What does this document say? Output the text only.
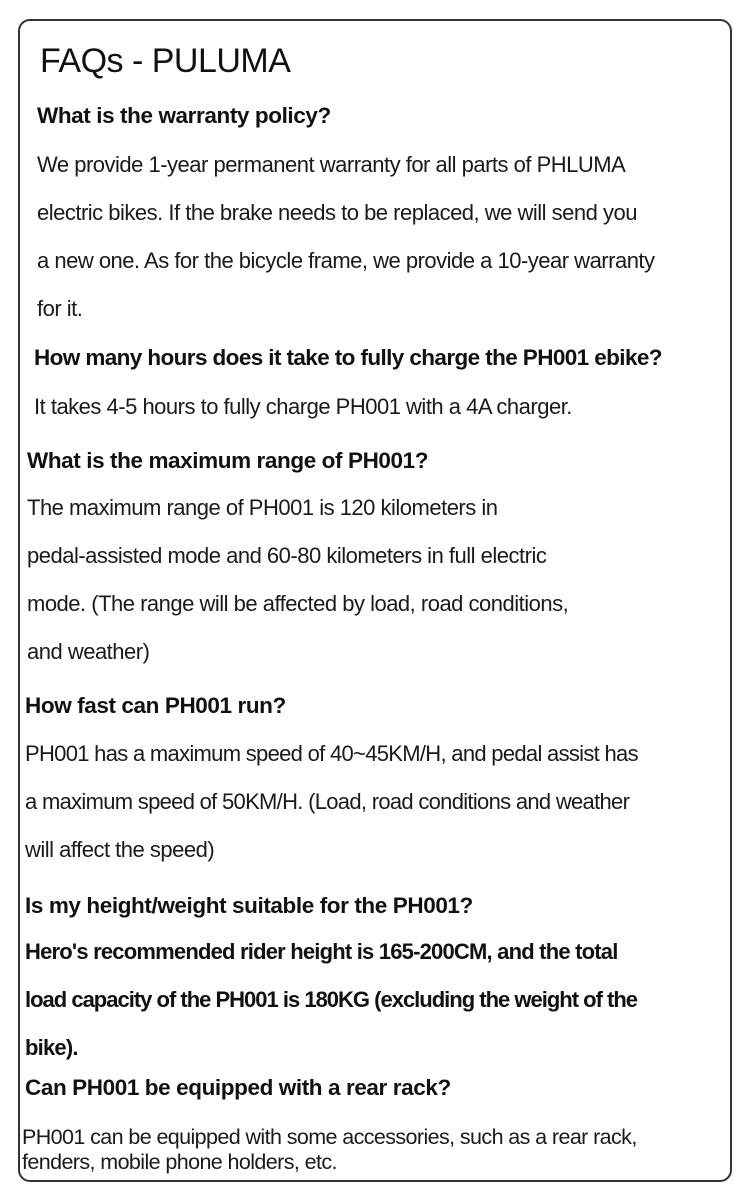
FAQs - PULUMA
What is the warranty policy?
We provide 1-year permanent warranty for all parts of PHLUMA
electric bikes. If the brake needs to be replaced, we will send you
a new one. As for the bicycle frame, we provide a 10-year warranty
for it.
How many hours does it take to fully charge the PH001 ebike?
It takes 4-5 hours to fully charge PH001 with a 4A charger.
What is the maximum range of PH001?
The maximum range of PH001 is 120 kilometers in
pedal-assisted mode and 60-80 kilometers in full electric
mode. (The range will be affected by load, road conditions,
and weather)
How fast can PH001 run?
PH001 has a maximum speed of 40~45KM/H, and pedal assist has
a maximum speed of 50KM/H. (Load, road conditions and weather
will affect the speed)
Is my height/weight suitable for the PH001?
Hero's recommended rider height is 165-200CM, and the total
load capacity of the PH001 is 180KG (excluding the weight of the
bike).
Can PH001 be equipped with a rear rack?
PH001 can be equipped with some accessories, such as a rear rack,
fenders, mobile phone holders, etc.
